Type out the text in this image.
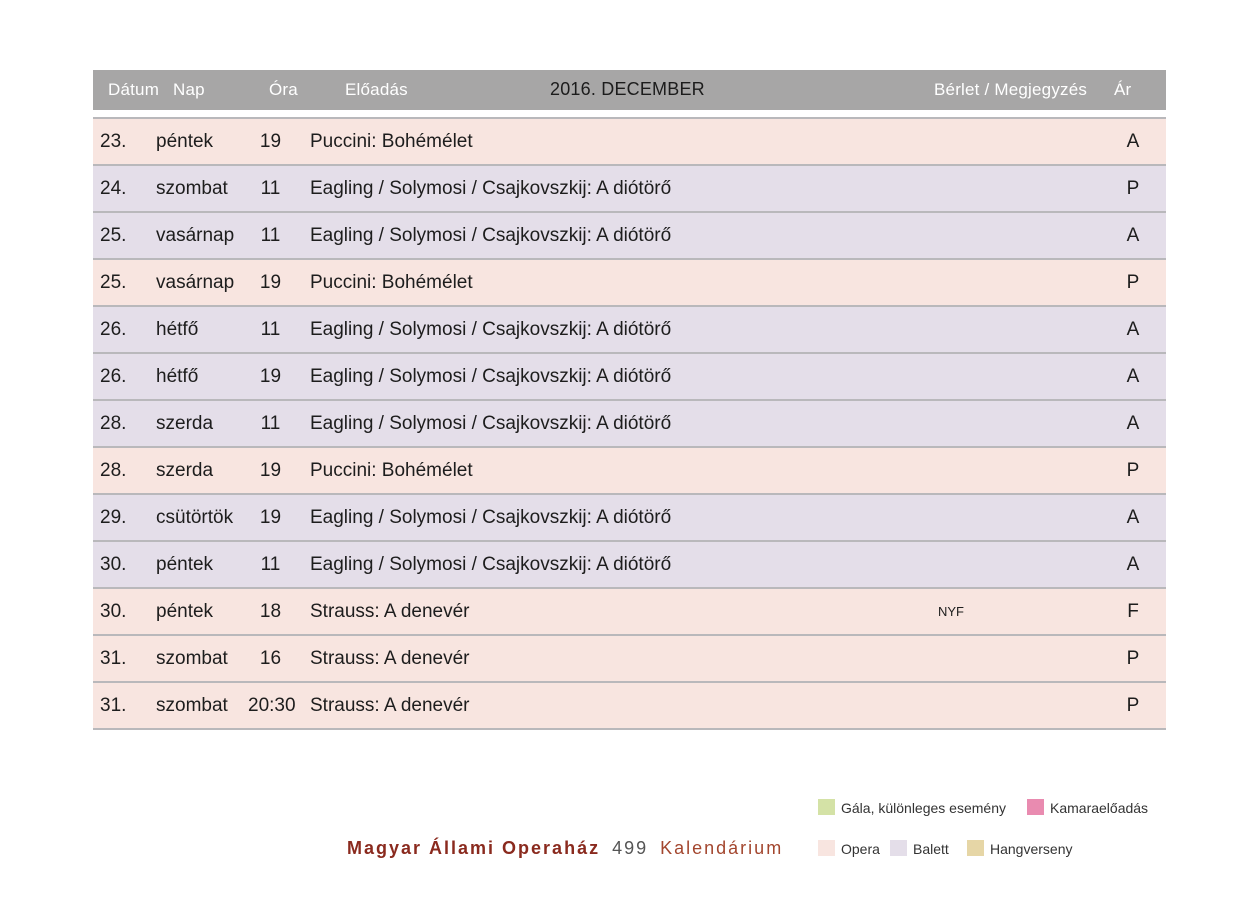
Dátum Nap	Óra	Előadás	2016. DECEMBER	Bérlet / Megjegyzés Ár
23. péntek	19	Puccini: Bohémélet	A
24. szombat	11	Eagling / Solymosi / Csajkovszkij: A diótörő	P
25. vasárnap	11	Eagling / Solymosi / Csajkovszkij: A diótörő	A
25. vasárnap	19	Puccini: Bohémélet	P
26. hétfő	11	Eagling / Solymosi / Csajkovszkij: A diótörő	A
26. hétfő	19	Eagling / Solymosi / Csajkovszkij: A diótörő	A
28. szerda	11	Eagling / Solymosi / Csajkovszkij: A diótörő	A
28. szerda	19	Puccini: Bohémélet	P
29. csütörtök	19	Eagling / Solymosi / Csajkovszkij: A diótörő	A
30. péntek	11	Eagling / Solymosi / Csajkovszkij: A diótörő	A
30. péntek	18	Strauss: A denevér	NYF	F
31. szombat	16	Strauss: A denevér	P
31. szombat 20:30 Strauss: A denevér	P
Gála, különleges esemény	Kamaraelőadás
Opera	Balett	Hangverseny
Magyar Állami Operaház 499 Kalendárium
